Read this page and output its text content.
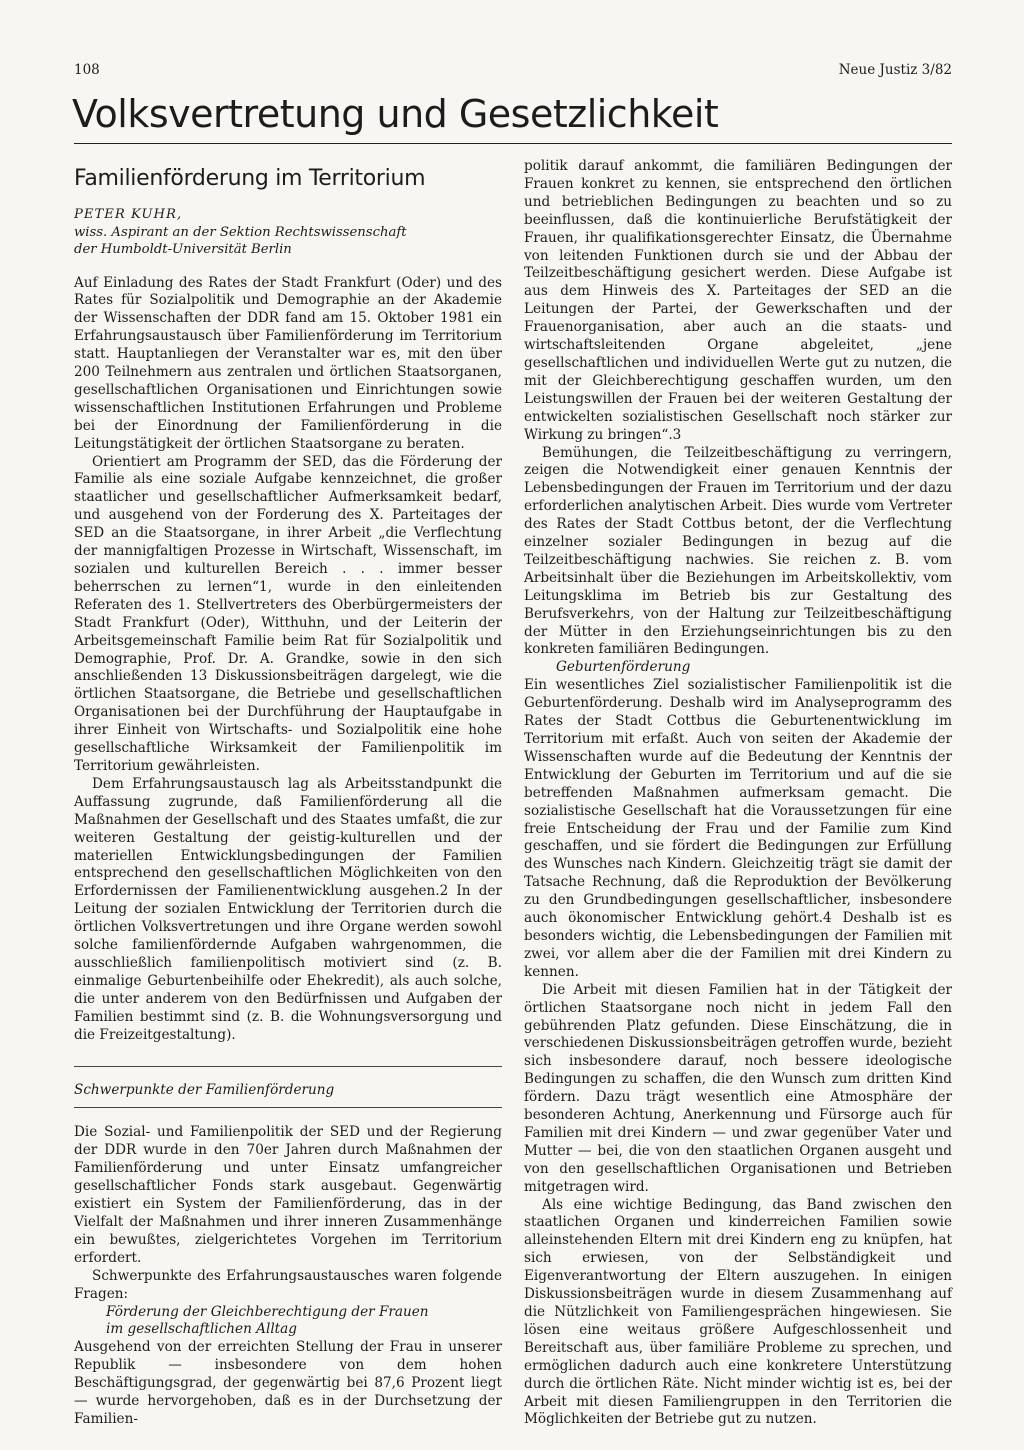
108	Neue Justiz 3/82
Volksvertretung und Gesetzlichkeit
Familienförderung im Territorium

PETER KUHR,

wiss. Aspirant an der Sektion Rechtswissenschaft

der Humboldt-Universität Berlin

Auf Einladung des Rates der Stadt Frankfurt (Oder) und des Rates für Sozialpolitik und Demographie an der Akademie der Wissenschaften der DDR fand am 15. Oktober 1981 ein Erfahrungsaustausch über Familienförderung im Territorium statt. Hauptanliegen der Veranstalter war es, mit den über 200 Teilnehmern aus zentralen und örtlichen Staatsorganen, gesellschaftlichen Organisationen und Einrichtungen sowie wissenschaftlichen Institutionen Erfahrungen und Probleme bei der Einordnung der Familienförderung in die Leitungstätigkeit der örtlichen Staatsorgane zu beraten.

Orientiert am Programm der SED, das die Förderung der Familie als eine soziale Aufgabe kennzeichnet, die großer staatlicher und gesellschaftlicher Aufmerksamkeit bedarf, und ausgehend von der Forderung des X. Parteitages der SED an die Staatsorgane, in ihrer Arbeit „die Verflechtung der mannigfaltigen Prozesse in Wirtschaft, Wissenschaft, im sozialen und kulturellen Bereich . . . immer besser beherrschen zu lernen“1, wurde in den einleitenden Referaten des 1. Stellvertreters des Oberbürgermeisters der Stadt Frankfurt (Oder), Witthuhn, und der Leiterin der Arbeitsgemeinschaft Familie beim Rat für Sozialpolitik und Demographie, Prof. Dr. A. Grandke, sowie in den sich anschließenden 13 Diskussionsbeiträgen dargelegt, wie die örtlichen Staatsorgane, die Betriebe und gesellschaftlichen Organisationen bei der Durchführung der Hauptaufgabe in ihrer Einheit von Wirtschafts- und Sozialpolitik eine hohe gesellschaftliche Wirksamkeit der Familienpolitik im Territorium gewährleisten.

Dem Erfahrungsaustausch lag als Arbeitsstandpunkt die Auffassung zugrunde, daß Familienförderung all die Maßnahmen der Gesellschaft und des Staates umfaßt, die zur weiteren Gestaltung der geistig-kulturellen und der materiellen Entwicklungsbedingungen der Familien entsprechend den gesellschaftlichen Möglichkeiten von den Erfordernissen der Familienentwicklung ausgehen.2 In der Leitung der sozialen Entwicklung der Territorien durch die örtlichen Volksvertretungen und ihre Organe werden sowohl solche familienfördernde Aufgaben wahrgenommen, die ausschließlich familienpolitisch motiviert sind (z. B. einmalige Geburtenbeihilfe oder Ehekredit), als auch solche, die unter anderem von den Bedürfnissen und Aufgaben der Familien bestimmt sind (z. B. die Wohnungsversorgung und die Freizeitgestaltung).

Schwerpunkte der Familienförderung

Die Sozial- und Familienpolitik der SED und der Regierung der DDR wurde in den 70er Jahren durch Maßnahmen der Familienförderung und unter Einsatz umfangreicher gesellschaftlicher Fonds stark ausgebaut. Gegenwärtig existiert ein System der Familienförderung, das in der Vielfalt der Maßnahmen und ihrer inneren Zusammenhänge ein bewußtes, zielgerichtetes Vorgehen im Territorium erfordert.

Schwerpunkte des Erfahrungsaustausches waren folgende Fragen:

Förderung der Gleichberechtigung der Frauen

im gesellschaftlichen Alltag

Ausgehend von der erreichten Stellung der Frau in unserer Republik — insbesondere von dem hohen Beschäftigungsgrad, der gegenwärtig bei 87,6 Prozent liegt — wurde hervorgehoben, daß es in der Durchsetzung der Familien-

politik darauf ankommt, die familiären Bedingungen der Frauen konkret zu kennen, sie entsprechend den örtlichen und betrieblichen Bedingungen zu beachten und so zu beeinflussen, daß die kontinuierliche Berufstätigkeit der Frauen, ihr qualifikationsgerechter Einsatz, die Übernahme von leitenden Funktionen durch sie und der Abbau der Teilzeitbeschäftigung gesichert werden. Diese Aufgabe ist aus dem Hinweis des X. Parteitages der SED an die Leitungen der Partei, der Gewerkschaften und der Frauenorganisation, aber auch an die staats- und wirtschaftsleitenden Organe abgeleitet, „jene gesellschaftlichen und individuellen Werte gut zu nutzen, die mit der Gleichberechtigung geschaffen wurden, um den Leistungswillen der Frauen bei der weiteren Gestaltung der entwickelten sozialistischen Gesellschaft noch stärker zur Wirkung zu bringen“.3

Bemühungen, die Teilzeitbeschäftigung zu verringern, zeigen die Notwendigkeit einer genauen Kenntnis der Lebensbedingungen der Frauen im Territorium und der dazu erforderlichen analytischen Arbeit. Dies wurde vom Vertreter des Rates der Stadt Cottbus betont, der die Verflechtung einzelner sozialer Bedingungen in bezug auf die Teilzeitbeschäftigung nachwies. Sie reichen z. B. vom Arbeitsinhalt über die Beziehungen im Arbeitskollektiv, vom Leitungsklima im Betrieb bis zur Gestaltung des Berufsverkehrs, von der Haltung zur Teilzeitbeschäftigung der Mütter in den Erziehungseinrichtungen bis zu den konkreten familiären Bedingungen.

Geburtenförderung

Ein wesentliches Ziel sozialistischer Familienpolitik ist die Geburtenförderung. Deshalb wird im Analyseprogramm des Rates der Stadt Cottbus die Geburtenentwicklung im Territorium mit erfaßt. Auch von seiten der Akademie der Wissenschaften wurde auf die Bedeutung der Kenntnis der Entwicklung der Geburten im Territorium und auf die sie betreffenden Maßnahmen aufmerksam gemacht. Die sozialistische Gesellschaft hat die Voraussetzungen für eine freie Entscheidung der Frau und der Familie zum Kind geschaffen, und sie fördert die Bedingungen zur Erfüllung des Wunsches nach Kindern. Gleichzeitig trägt sie damit der Tatsache Rechnung, daß die Reproduktion der Bevölkerung zu den Grundbedingungen gesellschaftlicher, insbesondere auch ökonomischer Entwicklung gehört.4 Deshalb ist es besonders wichtig, die Lebensbedingungen der Familien mit zwei, vor allem aber die der Familien mit drei Kindern zu kennen.

Die Arbeit mit diesen Familien hat in der Tätigkeit der örtlichen Staatsorgane noch nicht in jedem Fall den gebührenden Platz gefunden. Diese Einschätzung, die in verschiedenen Diskussionsbeiträgen getroffen wurde, bezieht sich insbesondere darauf, noch bessere ideologische Bedingungen zu schaffen, die den Wunsch zum dritten Kind fördern. Dazu trägt wesentlich eine Atmosphäre der besonderen Achtung, Anerkennung und Fürsorge auch für Familien mit drei Kindern — und zwar gegenüber Vater und Mutter — bei, die von den staatlichen Organen ausgeht und von den gesellschaftlichen Organisationen und Betrieben mitgetragen wird.

Als eine wichtige Bedingung, das Band zwischen den staatlichen Organen und kinderreichen Familien sowie alleinstehenden Eltern mit drei Kindern eng zu knüpfen, hat sich erwiesen, von der Selbständigkeit und Eigenverantwortung der Eltern auszugehen. In einigen Diskussionsbeiträgen wurde in diesem Zusammenhang auf die Nützlichkeit von Familiengesprächen hingewiesen. Sie lösen eine weitaus größere Aufgeschlossenheit und Bereitschaft aus, über familiäre Probleme zu sprechen, und ermöglichen dadurch auch eine konkretere Unterstützung durch die örtlichen Räte. Nicht minder wichtig ist es, bei der Arbeit mit diesen Familiengruppen in den Territorien die Möglichkeiten der Betriebe gut zu nutzen.
